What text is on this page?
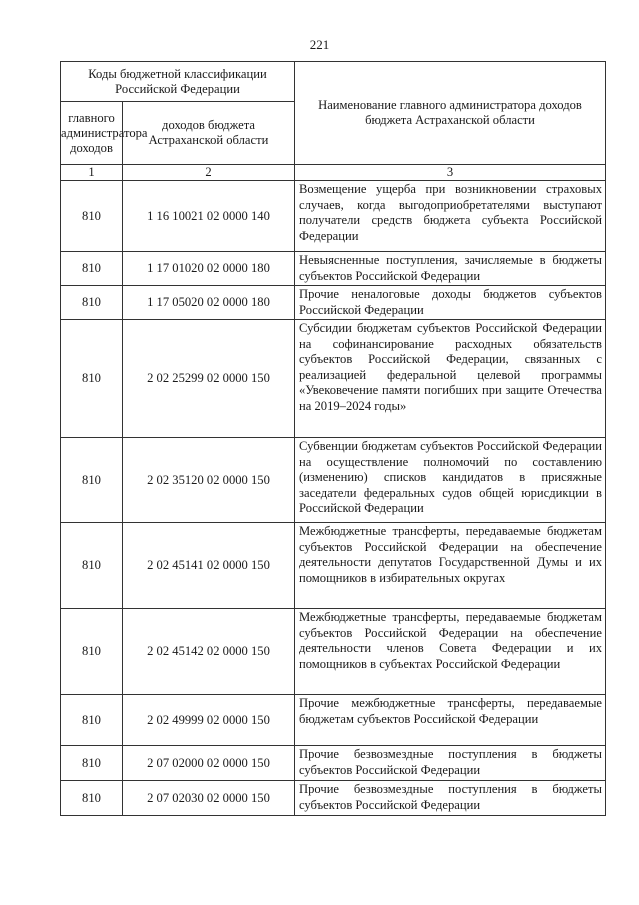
221
Коды бюджетной классификации Российской Федерации		Наименование главного администратора доходов бюджета Астраханской области
главного администратора доходов	доходов бюджета Астраханской области	
1	2	3
810	1 16 10021 02 0000 140	Возмещение ущерба при возникновении страховых случаев, когда выгодоприобретателями выступают получатели средств бюджета субъекта Российской Федерации
810	1 17 01020 02 0000 180	Невыясненные поступления, зачисляемые в бюджеты субъектов Российской Федерации
810	1 17 05020 02 0000 180	Прочие неналоговые доходы бюджетов субъектов Российской Федерации
810	2 02 25299 02 0000 150	Субсидии бюджетам субъектов Российской Федерации на софинансирование расходных обязательств субъектов Российской Федерации, связанных с реализацией федеральной целевой программы «Увековечение памяти погибших при защите Отечества на 2019–2024 годы»
810	2 02 35120 02 0000 150	Субвенции бюджетам субъектов Российской Федерации на осуществление полномочий по составлению (изменению) списков кандидатов в присяжные заседатели федеральных судов общей юрисдикции в Российской Федерации
810	2 02 45141 02 0000 150	Межбюджетные трансферты, передаваемые бюджетам субъектов Российской Федерации на обеспечение деятельности депутатов Государственной Думы и их помощников в избирательных округах
810	2 02 45142 02 0000 150	Межбюджетные трансферты, передаваемые бюджетам субъектов Российской Федерации на обеспечение деятельности членов Совета Федерации и их помощников в субъектах Российской Федерации
810	2 02 49999 02 0000 150	Прочие межбюджетные трансферты, передаваемые бюджетам субъектов Российской Федерации
810	2 07 02000 02 0000 150	Прочие безвозмездные поступления в бюджеты субъектов Российской Федерации
810	2 07 02030 02 0000 150	Прочие безвозмездные поступления в бюджеты субъектов Российской Федерации
